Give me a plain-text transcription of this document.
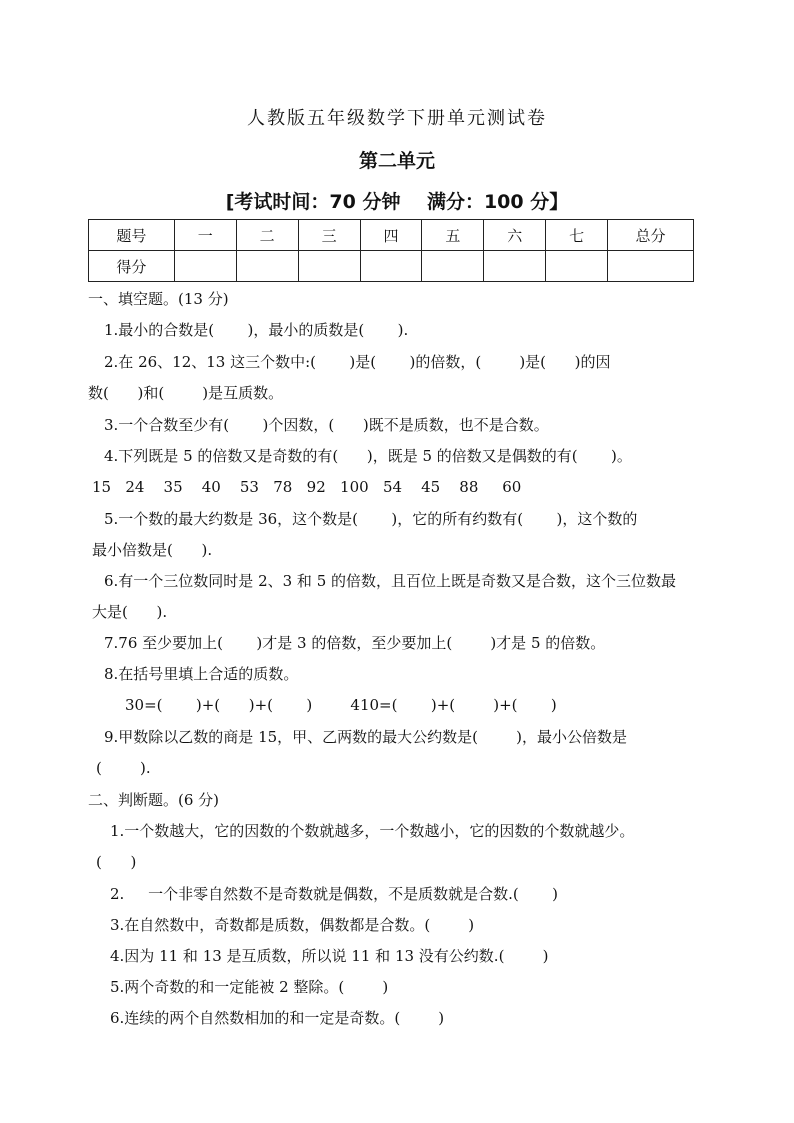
人教版五年级数学下册单元测试卷
第二单元
[考试时间：70 分钟    满分：100 分】
题号	一	二	三	四	五	六	七	总分
得分								
一、填空题。(13 分)
1.最小的合数是(       )，最小的质数是(       ).
2.在 26、12、13 这三个数中:(       )是(       )的倍数，(        )是(      )的因
数(      )和(        )是互质数。
3.一个合数至少有(       )个因数，(      )既不是质数，也不是合数。
4.下列既是 5 的倍数又是奇数的有(      )，既是 5 的倍数又是偶数的有(       )。
15   24    35    40    53   78   92   100   54    45    88     60
5.一个数的最大约数是 36，这个数是(       )，它的所有约数有(       )，这个数的
最小倍数是(      ).
6.有一个三位数同时是 2、3 和 5 的倍数，且百位上既是奇数又是合数，这个三位数最
大是(      ).
7.76 至少要加上(       )才是 3 的倍数，至少要加上(        )才是 5 的倍数。
8.在括号里填上合适的质数。
30=(       )+(      )+(       )        410=(       )+(        )+(       )
9.甲数除以乙数的商是 15，甲、乙两数的最大公约数是(        )，最小公倍数是
(        ).
二、判断题。(6 分)
1.一个数越大，它的因数的个数就越多，一个数越小，它的因数的个数就越少。
(      )
2.     一个非零自然数不是奇数就是偶数，不是质数就是合数.(       )
3.在自然数中，奇数都是质数，偶数都是合数。(        )
4.因为 11 和 13 是互质数，所以说 11 和 13 没有公约数.(        )
5.两个奇数的和一定能被 2 整除。(        )
6.连续的两个自然数相加的和一定是奇数。(        )
